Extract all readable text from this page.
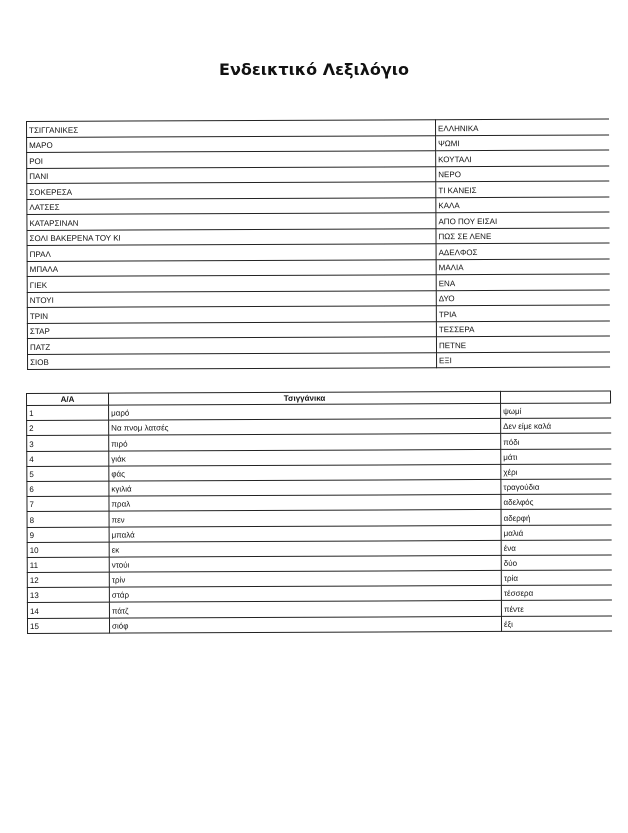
Ενδεικτικό Λεξιλόγιο
ΤΣΙΓΓΑΝΙΚΕΣ	ΕΛΛΗΝΙΚΑ
ΜΑΡΟ	ΨΩΜΙ
ΡΟΙ	ΚΟΥΤΑΛΙ
ΠΑΝΙ	ΝΕΡΟ
ΣΟΚΕΡΕΣΑ	ΤΙ ΚΑΝΕΙΣ
ΛΑΤΣΕΣ	ΚΑΛΑ
ΚΑΤΑΡΣΙΝΑΝ	ΑΠΟ ΠΟΥ ΕΙΣΑΙ
ΣΟΛΙ ΒΑΚΕΡΕΝΑ ΤΟΥ ΚΙ	ΠΩΣ ΣΕ ΛΕΝΕ
ΠΡΑΛ	ΑΔΕΛΦΟΣ
ΜΠΑΛΑ	ΜΑΛΙΑ
ΓΙΕΚ	ΕΝΑ
ΝΤΟΥΙ	ΔΥΟ
ΤΡΙΝ	ΤΡΙΑ
ΣΤΑΡ	ΤΕΣΣΕΡΑ
ΠΑΤΖ	ΠΕΤΝΕ
ΣΙΟΒ	ΕΞΙ
Α/Α	Τσιγγάνικα	
1	μαρό	ψωμί
2	Να πνομ λατσές	Δεν είμε καλά
3	πιρό	πόδι
4	γιάκ	μάτι
5	φάς	χέρι
6	κγιλιά	τραγούδια
7	πραλ	αδελφός
8	πεν	αδερφή
9	μπαλά	μαλιά
10	εκ	ένα
11	ντούι	δύο
12	τρίν	τρία
13	στάρ	τέσσερα
14	πάτζ	πέντε
15	σιόφ	έξι
